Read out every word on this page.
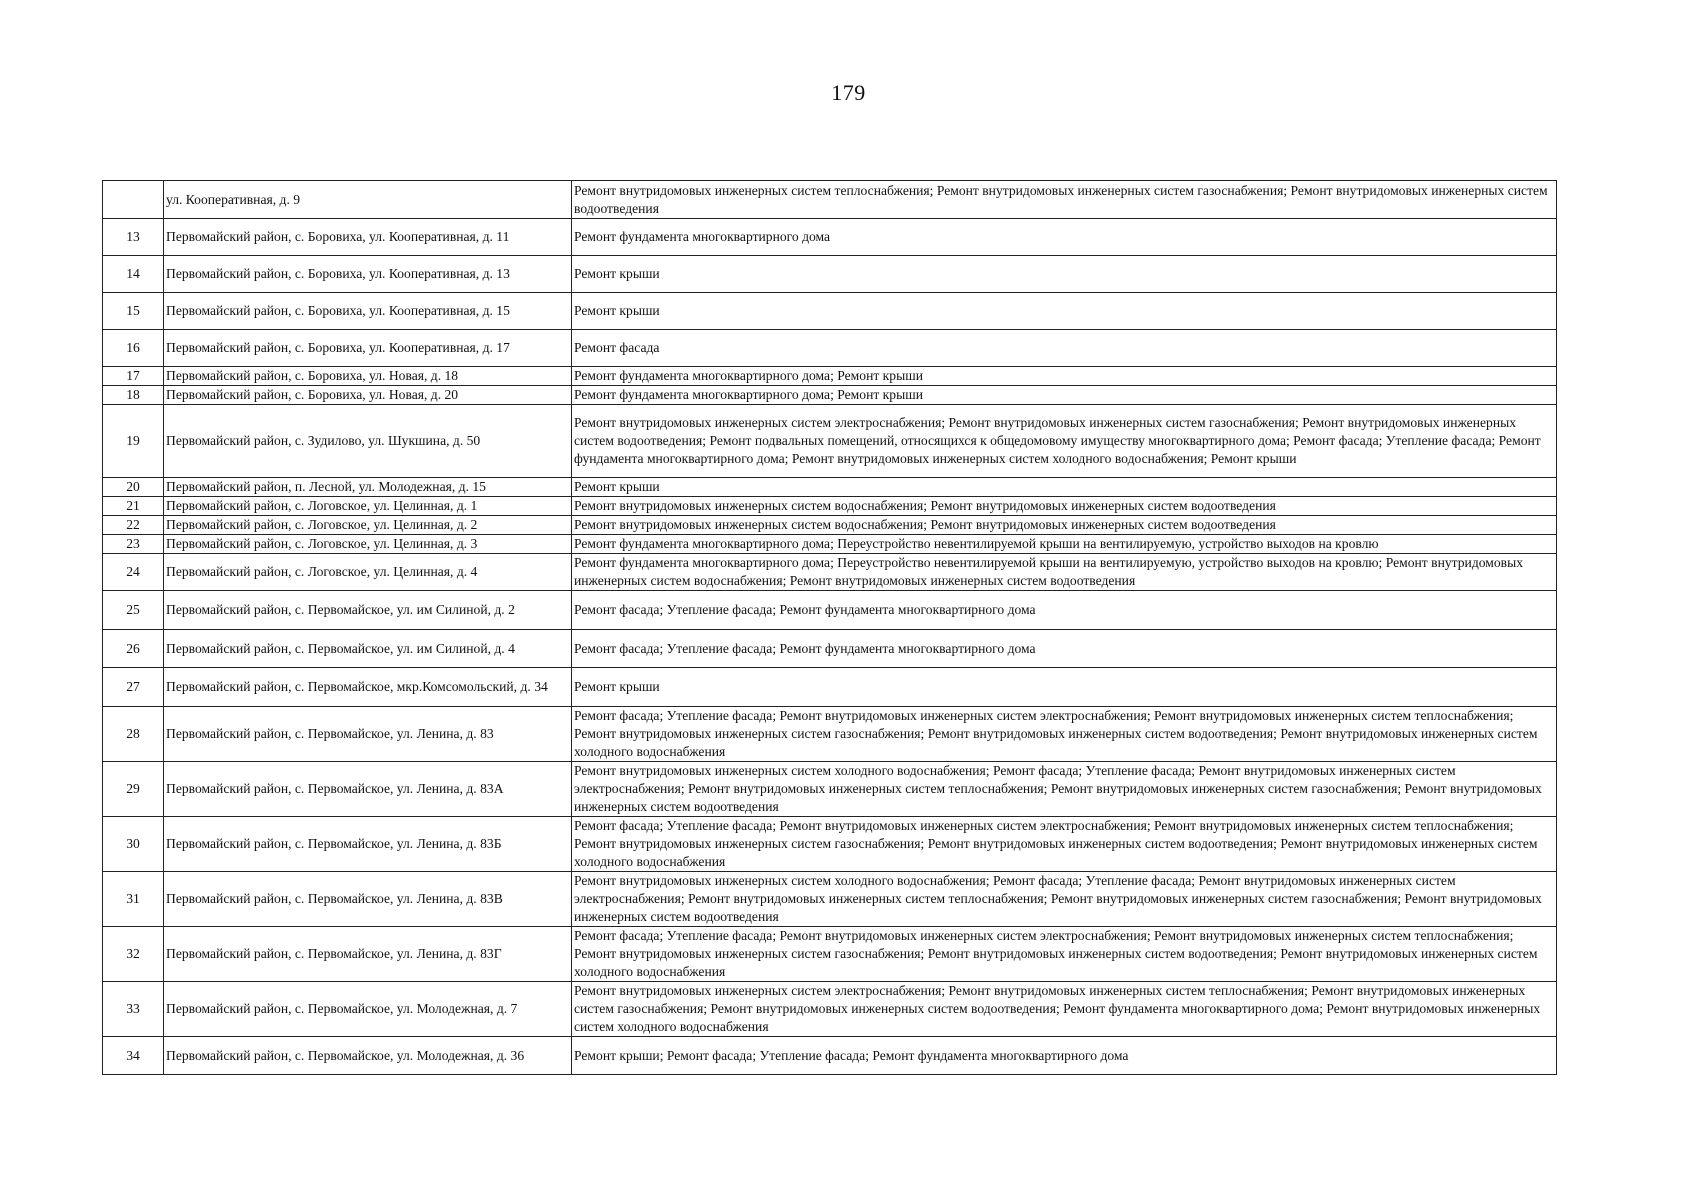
179
	ул. Кооперативная, д. 9	Ремонт внутридомовых инженерных систем теплоснабжения; Ремонт внутридомовых инженерных систем газоснабжения; Ремонт внутридомовых инженерных систем водоотведения
13	Первомайский район, с. Боровиха, ул. Кооперативная, д. 11	Ремонт фундамента многоквартирного дома
14	Первомайский район, с. Боровиха, ул. Кооперативная, д. 13	Ремонт крыши
15	Первомайский район, с. Боровиха, ул. Кооперативная, д. 15	Ремонт крыши
16	Первомайский район, с. Боровиха, ул. Кооперативная, д. 17	Ремонт фасада
17	Первомайский район, с. Боровиха, ул. Новая, д. 18	Ремонт фундамента многоквартирного дома; Ремонт крыши
18	Первомайский район, с. Боровиха, ул. Новая, д. 20	Ремонт фундамента многоквартирного дома; Ремонт крыши
19	Первомайский район, с. Зудилово, ул. Шукшина, д. 50	Ремонт внутридомовых инженерных систем электроснабжения; Ремонт внутридомовых инженерных систем газоснабжения; Ремонт внутридомовых инженерных систем водоотведения; Ремонт подвальных помещений, относящихся к общедомовому имуществу многоквартирного дома; Ремонт фасада; Утепление фасада; Ремонт фундамента многоквартирного дома; Ремонт внутридомовых инженерных систем холодного водоснабжения; Ремонт крыши
20	Первомайский район, п. Лесной, ул. Молодежная, д. 15	Ремонт крыши
21	Первомайский район, с. Логовское, ул. Целинная, д. 1	Ремонт внутридомовых инженерных систем водоснабжения; Ремонт внутридомовых инженерных систем водоотведения
22	Первомайский район, с. Логовское, ул. Целинная, д. 2	Ремонт внутридомовых инженерных систем водоснабжения; Ремонт внутридомовых инженерных систем водоотведения
23	Первомайский район, с. Логовское, ул. Целинная, д. 3	Ремонт фундамента многоквартирного дома; Переустройство невентилируемой крыши на вентилируемую, устройство выходов на кровлю
24	Первомайский район, с. Логовское, ул. Целинная, д. 4	Ремонт фундамента многоквартирного дома; Переустройство невентилируемой крыши на вентилируемую, устройство выходов на кровлю; Ремонт внутридомовых инженерных систем водоснабжения; Ремонт внутридомовых инженерных систем водоотведения
25	Первомайский район, с. Первомайское, ул. им Силиной, д. 2	Ремонт фасада; Утепление фасада; Ремонт фундамента многоквартирного дома
26	Первомайский район, с. Первомайское, ул. им Силиной, д. 4	Ремонт фасада; Утепление фасада; Ремонт фундамента многоквартирного дома
27	Первомайский район, с. Первомайское, мкр.Комсомольский, д. 34	Ремонт крыши
28	Первомайский район, с. Первомайское, ул. Ленина, д. 83	Ремонт фасада; Утепление фасада; Ремонт внутридомовых инженерных систем электроснабжения; Ремонт внутридомовых инженерных систем теплоснабжения; Ремонт внутридомовых инженерных систем газоснабжения; Ремонт внутридомовых инженерных систем водоотведения; Ремонт внутридомовых инженерных систем холодного водоснабжения
29	Первомайский район, с. Первомайское, ул. Ленина, д. 83А	Ремонт внутридомовых инженерных систем холодного водоснабжения; Ремонт фасада; Утепление фасада; Ремонт внутридомовых инженерных систем электроснабжения; Ремонт внутридомовых инженерных систем теплоснабжения; Ремонт внутридомовых инженерных систем газоснабжения; Ремонт внутридомовых инженерных систем водоотведения
30	Первомайский район, с. Первомайское, ул. Ленина, д. 83Б	Ремонт фасада; Утепление фасада; Ремонт внутридомовых инженерных систем электроснабжения; Ремонт внутридомовых инженерных систем теплоснабжения; Ремонт внутридомовых инженерных систем газоснабжения; Ремонт внутридомовых инженерных систем водоотведения; Ремонт внутридомовых инженерных систем холодного водоснабжения
31	Первомайский район, с. Первомайское, ул. Ленина, д. 83В	Ремонт внутридомовых инженерных систем холодного водоснабжения; Ремонт фасада; Утепление фасада; Ремонт внутридомовых инженерных систем электроснабжения; Ремонт внутридомовых инженерных систем теплоснабжения; Ремонт внутридомовых инженерных систем газоснабжения; Ремонт внутридомовых инженерных систем водоотведения
32	Первомайский район, с. Первомайское, ул. Ленина, д. 83Г	Ремонт фасада; Утепление фасада; Ремонт внутридомовых инженерных систем электроснабжения; Ремонт внутридомовых инженерных систем теплоснабжения; Ремонт внутридомовых инженерных систем газоснабжения; Ремонт внутридомовых инженерных систем водоотведения; Ремонт внутридомовых инженерных систем холодного водоснабжения
33	Первомайский район, с. Первомайское, ул. Молодежная, д. 7	Ремонт внутридомовых инженерных систем электроснабжения; Ремонт внутридомовых инженерных систем теплоснабжения; Ремонт внутридомовых инженерных систем газоснабжения; Ремонт внутридомовых инженерных систем водоотведения; Ремонт фундамента многоквартирного дома; Ремонт внутридомовых инженерных систем холодного водоснабжения
34	Первомайский район, с. Первомайское, ул. Молодежная, д. 36	Ремонт крыши; Ремонт фасада; Утепление фасада; Ремонт фундамента многоквартирного дома
